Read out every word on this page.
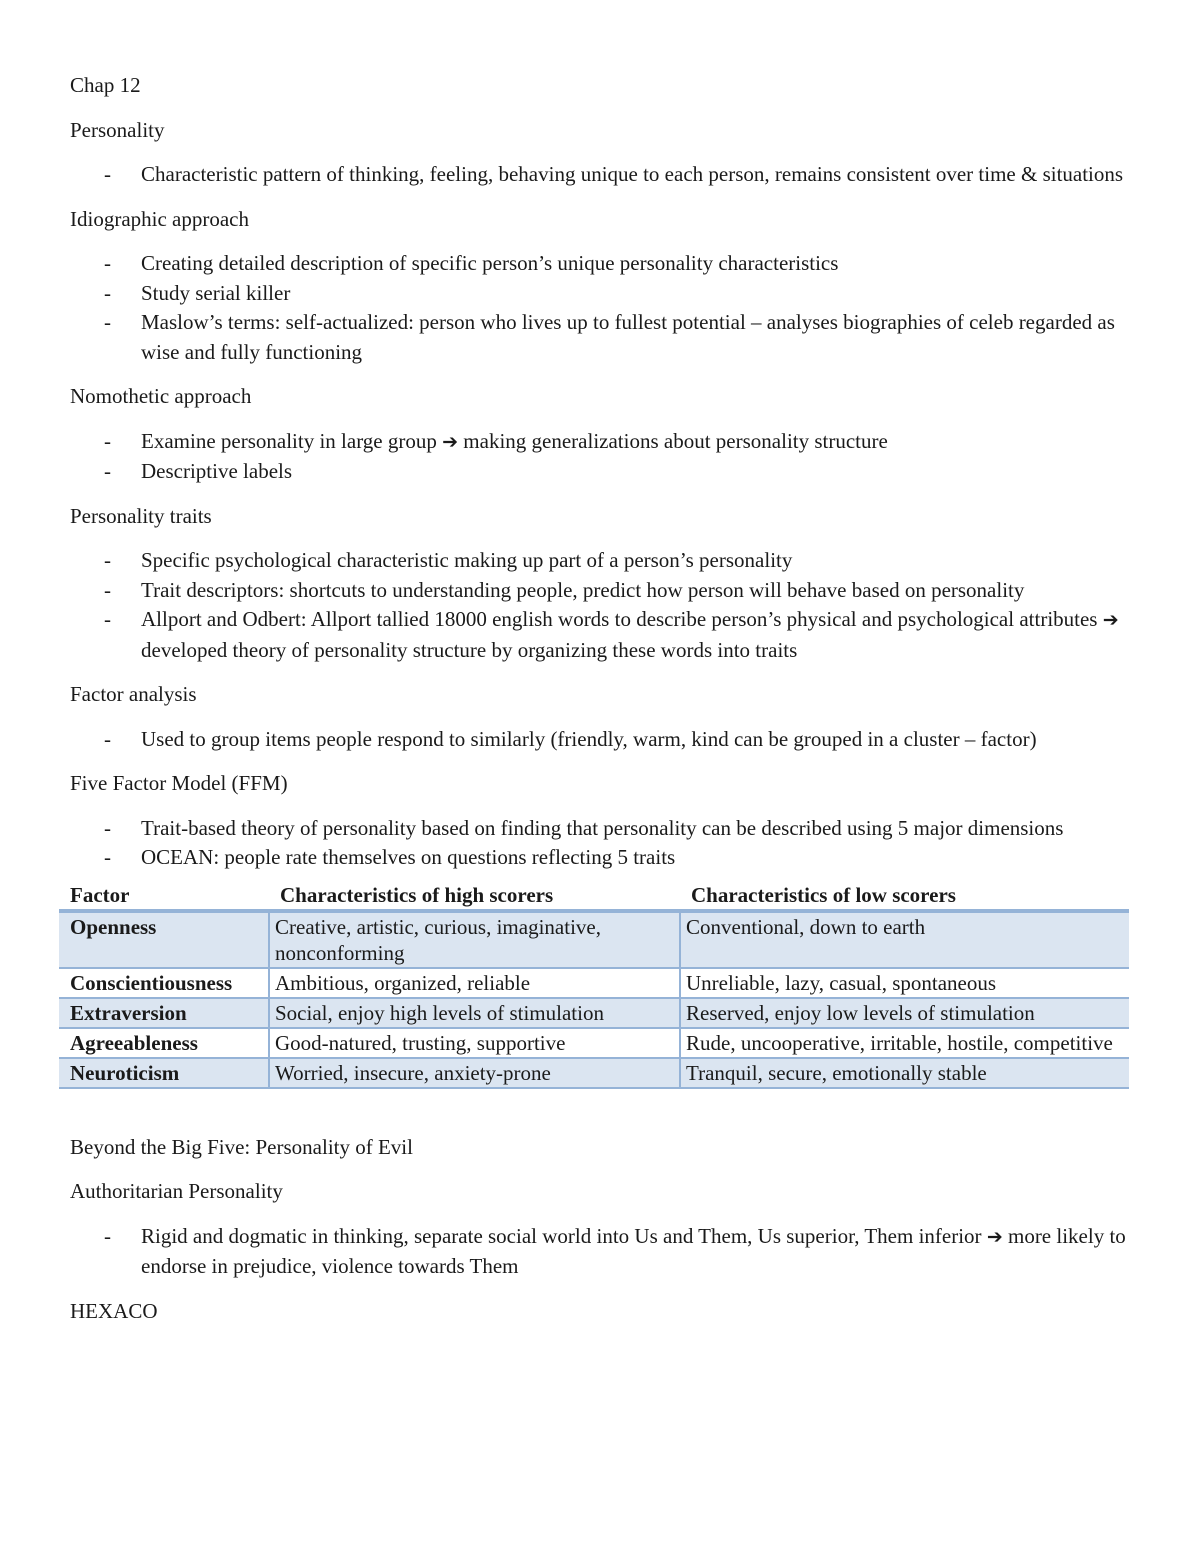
Chap 12
Personality
- Characteristic pattern of thinking, feeling, behaving unique to each person, remains consistent over time & situations
Idiographic approach
- Creating detailed description of specific person’s unique personality characteristics
- Study serial killer
- Maslow’s terms: self-actualized: person who lives up to fullest potential – analyses biographies of celeb regarded as wise and fully functioning
Nomothetic approach
- Examine personality in large group ➔ making generalizations about personality structure
- Descriptive labels
Personality traits
- Specific psychological characteristic making up part of a person’s personality
- Trait descriptors: shortcuts to understanding people, predict how person will behave based on personality
- Allport and Odbert: Allport tallied 18000 english words to describe person’s physical and psychological attributes ➔ developed theory of personality structure by organizing these words into traits
Factor analysis
- Used to group items people respond to similarly (friendly, warm, kind can be grouped in a cluster – factor)
Five Factor Model (FFM)
- Trait-based theory of personality based on finding that personality can be described using 5 major dimensions
- OCEAN: people rate themselves on questions reflecting 5 traits
Factor	Characteristics of high scorers	Characteristics of low scorers
Openness	Creative, artistic, curious, imaginative, nonconforming	Conventional, down to earth
Conscientiousness	Ambitious, organized, reliable	Unreliable, lazy, casual, spontaneous
Extraversion	Social, enjoy high levels of stimulation	Reserved, enjoy low levels of stimulation
Agreeableness	Good-natured, trusting, supportive	Rude, uncooperative, irritable, hostile, competitive
Neuroticism	Worried, insecure, anxiety-prone	Tranquil, secure, emotionally stable
Beyond the Big Five: Personality of Evil
Authoritarian Personality
- Rigid and dogmatic in thinking, separate social world into Us and Them, Us superior, Them inferior ➔ more likely to endorse in prejudice, violence towards Them
HEXACO
